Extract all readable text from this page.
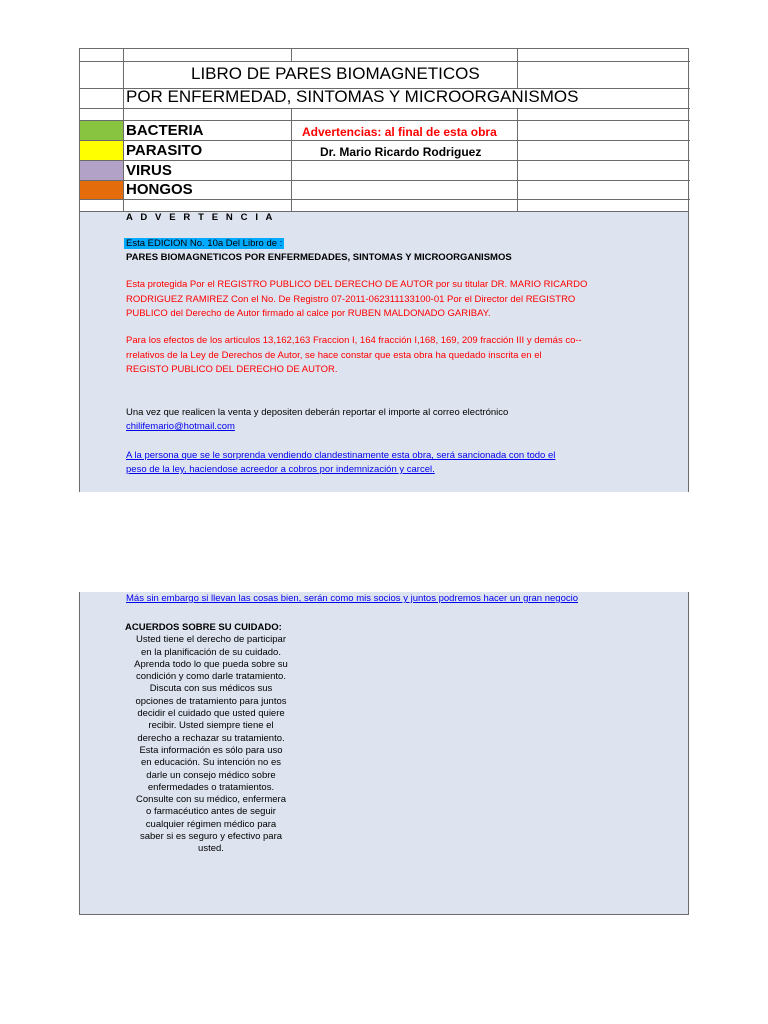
LIBRO DE PARES BIOMAGNETICOS
POR ENFERMEDAD, SINTOMAS Y MICROORGANISMOS
BACTERIA
PARASITO
VIRUS
HONGOS
Advertencias: al final de esta obra
Dr. Mario Ricardo Rodriguez
A D V E R T E N C I A
Esta EDICION No. 10a Del Libro de :
PARES BIOMAGNETICOS POR ENFERMEDADES, SINTOMAS Y MICROORGANISMOS
Esta protegida Por el REGISTRO PUBLICO DEL DERECHO DE AUTOR por su titular DR. MARIO RICARDO
RODRIGUEZ RAMIREZ Con el No. De Registro 07-2011-062311133100-01 Por el Director del REGISTRO
PUBLICO del Derecho de Autor firmado al calce por RUBEN MALDONADO GARIBAY.
Para los efectos de los articulos 13,162,163 Fraccion I, 164 fracción I,168, 169, 209 fracción III y demás co--
rrelativos de la Ley de Derechos de Autor, se hace constar que esta obra ha quedado inscrita en el
REGISTO PUBLICO DEL DERECHO DE AUTOR.
Una vez que realicen la venta y depositen deberán reportar el importe al correo electrónico
chilifemario@hotmail.com
A la persona que se le sorprenda vendiendo clandestinamente esta obra, será sancionada con todo el
peso de la ley, haciendose acreedor a cobros por indemnización y carcel.
Más sin embargo si llevan las cosas bien, serán como mis socios y juntos podremos hacer un gran negocio
ACUERDOS SOBRE SU CUIDADO:
Usted tiene el derecho de participar
en la planificación de su cuidado.
Aprenda todo lo que pueda sobre su
condición y como darle tratamiento.
Discuta con sus médicos sus
opciones de tratamiento para juntos
decidir el cuidado que usted quiere
recibir. Usted siempre tiene el
derecho a rechazar su tratamiento.
Esta información es sólo para uso
en educación. Su intención no es
darle un consejo médico sobre
enfermedades o tratamientos.
Consulte con su médico, enfermera
o farmacéutico antes de seguir
cualquier régimen médico para
saber si es seguro y efectivo para
usted.
